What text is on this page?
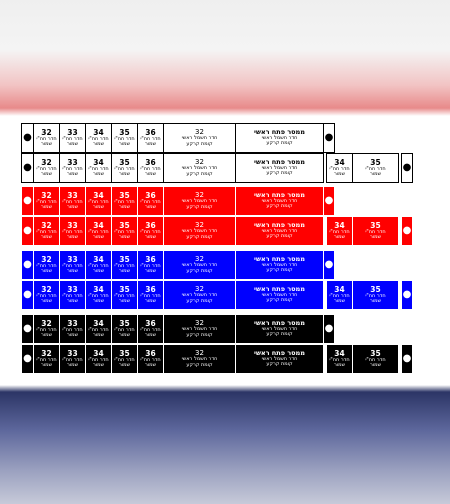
● 32
חדר חח"י
שמור
33
חדר חח"י
שמור
34
חדר חח"י
שמור
35
חדר חח"י
שמור
36
חדר חח"י
שמור
32
חדר חשמל ראשי
קומת קרקע
ממסר פתח ראשי
חדר חשמל ראשי
קומת קרקע
●
● 32
חדר חח"י
שמור
33
חדר חח"י
שמור
34
חדר חח"י
שמור
35
חדר חח"י
שמור
36
חדר חח"י
שמור
32
חדר חשמל ראשי
קומת קרקע
ממסר פתח ראשי
חדר חשמל ראשי
קומת קרקע
34
חדר חח"י
שמור
35
חדר חח"י
שמור
●
● 32
חדר חח"י
שמור
33
חדר חח"י
שמור
34
חדר חח"י
שמור
35
חדר חח"י
שמור
36
חדר חח"י
שמור
32
חדר חשמל ראשי
קומת קרקע
ממסר פתח ראשי
חדר חשמל ראשי
קומת קרקע
●
● 32
חדר חח"י
שמור
33
חדר חח"י
שמור
34
חדר חח"י
שמור
35
חדר חח"י
שמור
36
חדר חח"י
שמור
32
חדר חשמל ראשי
קומת קרקע
ממסר פתח ראשי
חדר חשמל ראשי
קומת קרקע
34
חדר חח"י
שמור
35
חדר חח"י
שמור
●
● 32
חדר חח"י
שמור
33
חדר חח"י
שמור
34
חדר חח"י
שמור
35
חדר חח"י
שמור
36
חדר חח"י
שמור
32
חדר חשמל ראשי
קומת קרקע
ממסר פתח ראשי
חדר חשמל ראשי
קומת קרקע
●
● 32
חדר חח"י
שמור
33
חדר חח"י
שמור
34
חדר חח"י
שמור
35
חדר חח"י
שמור
36
חדר חח"י
שמור
32
חדר חשמל ראשי
קומת קרקע
ממסר פתח ראשי
חדר חשמל ראשי
קומת קרקע
34
חדר חח"י
שמור
35
חדר חח"י
שמור
●
● 32
חדר חח"י
שמור
33
חדר חח"י
שמור
34
חדר חח"י
שמור
35
חדר חח"י
שמור
36
חדר חח"י
שמור
32
חדר חשמל ראשי
קומת קרקע
ממסר פתח ראשי
חדר חשמל ראשי
קומת קרקע
●
● 32
חדר חח"י
שמור
33
חדר חח"י
שמור
34
חדר חח"י
שמור
35
חדר חח"י
שמור
36
חדר חח"י
שמור
32
חדר חשמל ראשי
קומת קרקע
ממסר פתח ראשי
חדר חשמל ראשי
קומת קרקע
34
חדר חח"י
שמור
35
חדר חח"י
שמור
●
